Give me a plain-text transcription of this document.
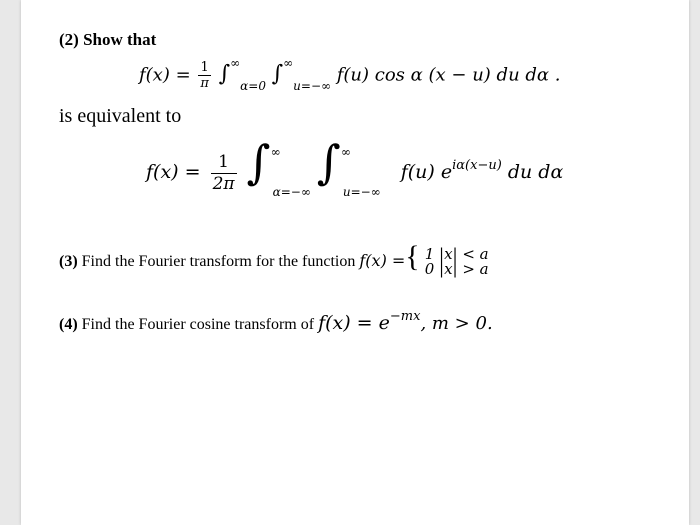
(2) Show that
$f(x) = \frac{1}{\pi} \int^\infty_{\alpha=0}$ $\int^\infty_{u=-\infty}$ f(u) cos α (x − u) du dα .
is equivalent to
$f(x) = \frac{1}{2\pi} \int^\infty_{\alpha=-\infty}$ $\int^\infty_{u=-\infty}$ f(u) $e^{i\alpha(x-u)}$ du dα
(3) Find the Fourier transform for the function f(x) ={ 1 |x| < a
0 |x| > a
(4) Find the Fourier cosine transform of $f(x) = e^{-mx}$, m > 0.
